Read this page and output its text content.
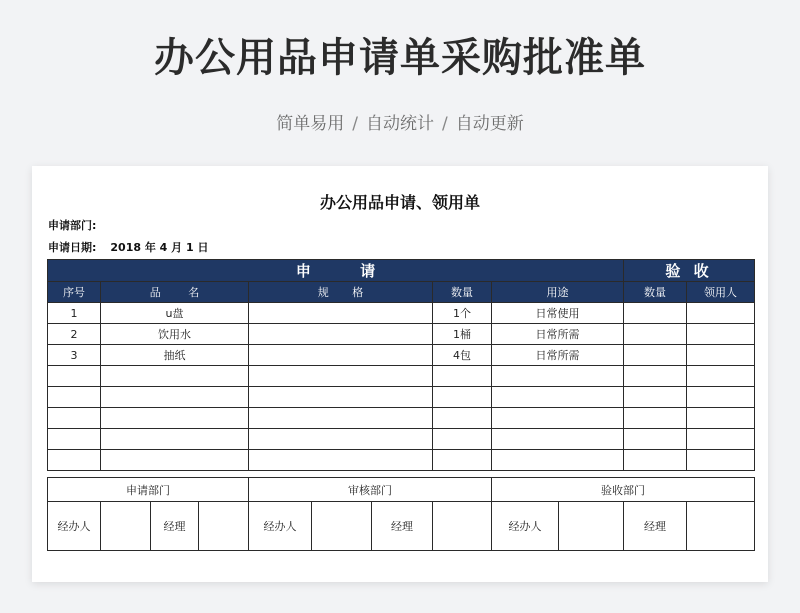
办公用品申请单采购批准单
简单易用 / 自动统计 / 自动更新
办公用品申请、领用单
申请部门:
申请日期: 2018 年 4 月 1 日
申 请					验 收	
序号	品 名	规 格	数量	用途	数量	领用人
1	u盘		1个	日常使用		
2	饮用水		1桶	日常所需		
3	抽纸		4包	日常所需		

申请部门				审核部门				验收部门			
经办人		经理		经办人		经理		经办人		经理	
